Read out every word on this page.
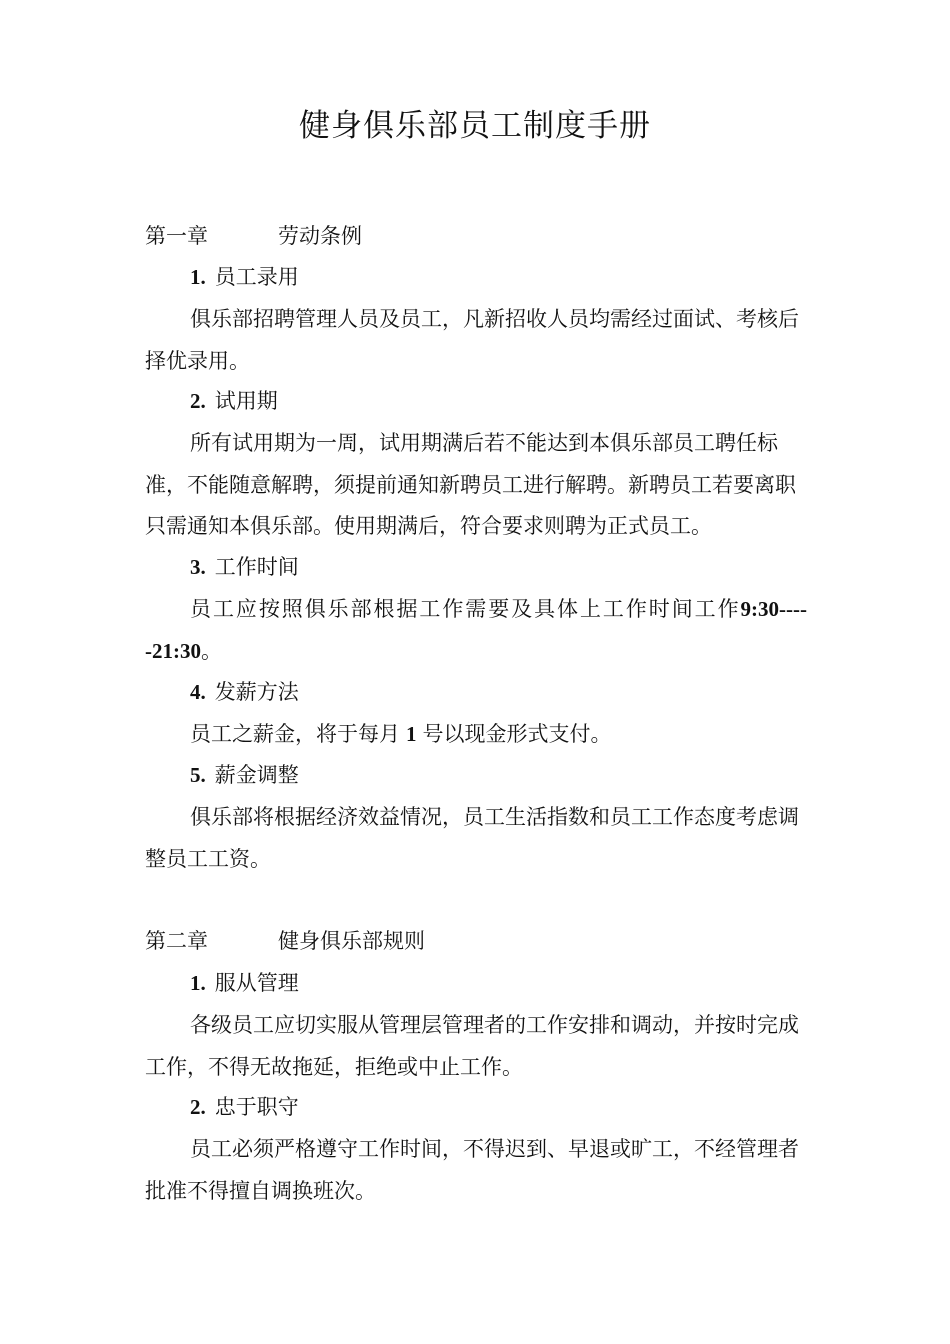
健身俱乐部员工制度手册
第一章	劳动条例
1. 员工录用
俱乐部招聘管理人员及员工，凡新招收人员均需经过面试、考核后择优录用。
2. 试用期
所有试用期为一周，试用期满后若不能达到本俱乐部员工聘任标准，不能随意解聘，须提前通知新聘员工进行解聘。新聘员工若要离职只需通知本俱乐部。使用期满后，符合要求则聘为正式员工。
3. 工作时间
员工应按照俱乐部根据工作需要及具体上工作时间工作9:30-----21:30。
4. 发薪方法
员工之薪金，将于每月 1 号以现金形式支付。
5. 薪金调整
俱乐部将根据经济效益情况，员工生活指数和员工工作态度考虑调整员工工资。
第二章	健身俱乐部规则
1. 服从管理
各级员工应切实服从管理层管理者的工作安排和调动，并按时完成工作，不得无故拖延，拒绝或中止工作。
2. 忠于职守
员工必须严格遵守工作时间，不得迟到、早退或旷工，不经管理者批准不得擅自调换班次。
